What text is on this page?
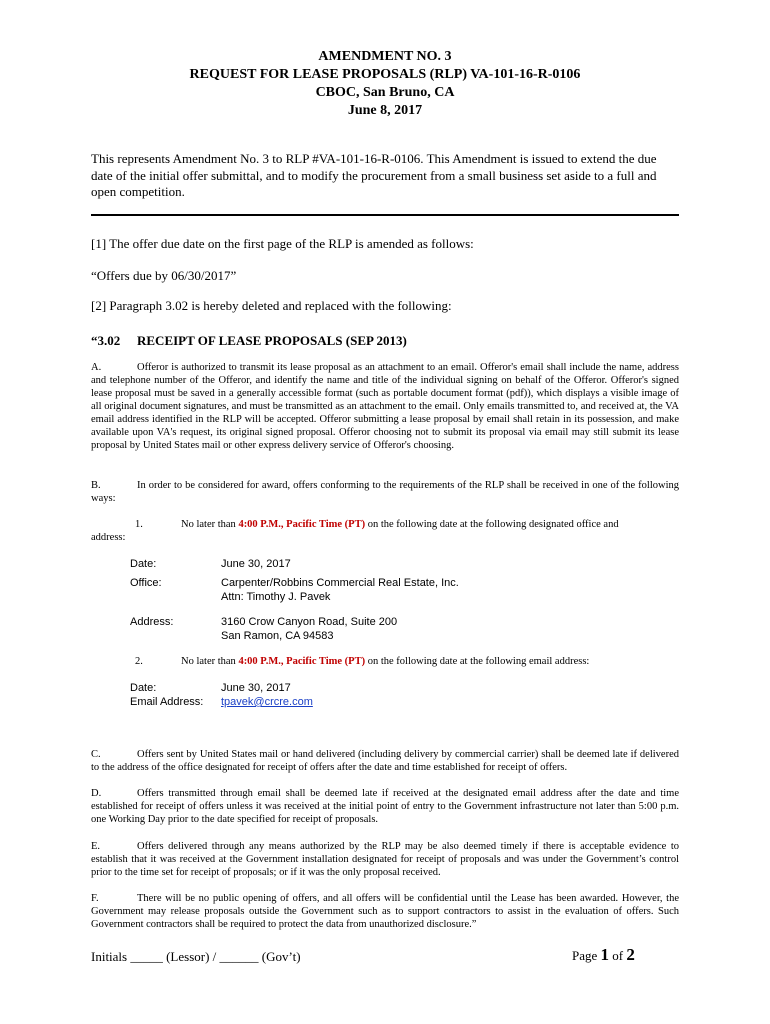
AMENDMENT NO. 3
REQUEST FOR LEASE PROPOSALS (RLP) VA-101-16-R-0106
CBOC, San Bruno, CA
June 8, 2017
This represents Amendment No. 3 to RLP #VA-101-16-R-0106. This Amendment is issued to extend the due date of the initial offer submittal, and to modify the procurement from a small business set aside to a full and open competition.
[1] The offer due date on the first page of the RLP is amended as follows:
“Offers due by 06/30/2017”
[2] Paragraph 3.02 is hereby deleted and replaced with the following:
“3.02 RECEIPT OF LEASE PROPOSALS (SEP 2013)
A.	Offeror is authorized to transmit its lease proposal as an attachment to an email. Offeror's email shall include the name, address and telephone number of the Offeror, and identify the name and title of the individual signing on behalf of the Offeror. Offeror's signed lease proposal must be saved in a generally accessible format (such as portable document format (pdf)), which displays a visible image of all original document signatures, and must be transmitted as an attachment to the email. Only emails transmitted to, and received at, the VA email address identified in the RLP will be accepted. Offeror submitting a lease proposal by email shall retain in its possession, and make available upon VA's request, its original signed proposal. Offeror choosing not to submit its proposal via email may still submit its lease proposal by United States mail or other express delivery service of Offeror's choosing.
B.	In order to be considered for award, offers conforming to the requirements of the RLP shall be received in one of the following ways:
1.	No later than 4:00 P.M., Pacific Time (PT) on the following date at the following designated office and
address:
Date:	June 30, 2017
Office:	Carpenter/Robbins Commercial Real Estate, Inc.
Attn: Timothy J. Pavek
Address:	3160 Crow Canyon Road, Suite 200
San Ramon, CA 94583
2.	No later than 4:00 P.M., Pacific Time (PT) on the following date at the following email address:
Date:	June 30, 2017
Email Address: tpavek@crcre.com
C.	Offers sent by United States mail or hand delivered (including delivery by commercial carrier) shall be deemed late if delivered to the address of the office designated for receipt of offers after the date and time established for receipt of offers.
D.	Offers transmitted through email shall be deemed late if received at the designated email address after the date and time established for receipt of offers unless it was received at the initial point of entry to the Government infrastructure not later than 5:00 p.m. one Working Day prior to the date specified for receipt of proposals.
E.	Offers delivered through any means authorized by the RLP may be also deemed timely if there is acceptable evidence to establish that it was received at the Government installation designated for receipt of proposals and was under the Government’s control prior to the time set for receipt of proposals; or if it was the only proposal received.
F.	There will be no public opening of offers, and all offers will be confidential until the Lease has been awarded. However, the Government may release proposals outside the Government such as to support contractors to assist in the evaluation of offers. Such Government contractors shall be required to protect the data from unauthorized disclosure.”
Initials _____ (Lessor) / ______ (Gov’t)	Page 1 of 2
